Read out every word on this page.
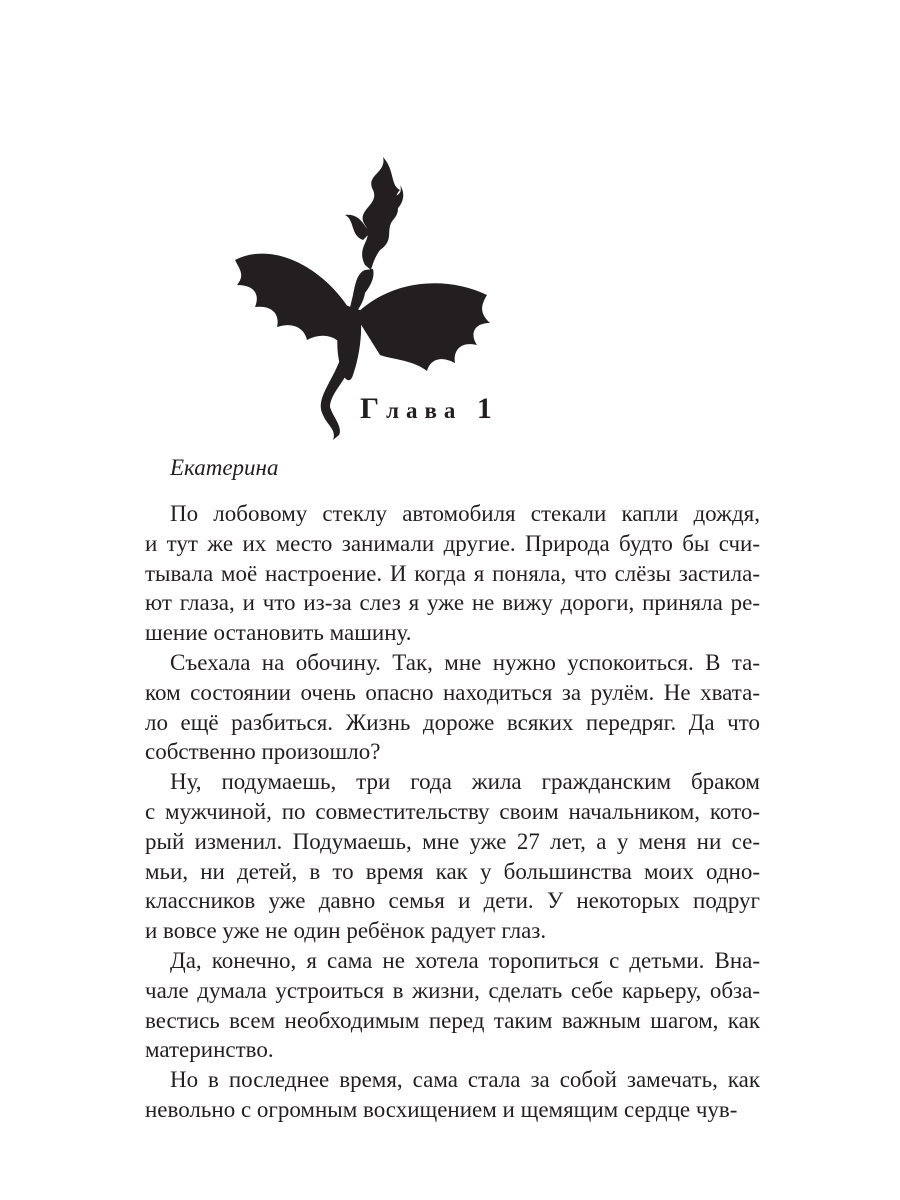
Глава 1
Екатерина
По лобовому стеклу автомобиля стекали капли дождя,
и тут же их место занимали другие. Природа будто бы счи-
тывала моё настроение. И когда я поняла, что слёзы застила-
ют глаза, и что из-за слез я уже не вижу дороги, приняла ре-
шение остановить машину.
Съехала на обочину. Так, мне нужно успокоиться. В та-
ком состоянии очень опасно находиться за рулём. Не хвата-
ло ещё разбиться. Жизнь дороже всяких передряг. Да что
собственно произошло?
Ну, подумаешь, три года жила гражданским браком
с мужчиной, по совместительству своим начальником, кото-
рый изменил. Подумаешь, мне уже 27 лет, а у меня ни се-
мьи, ни детей, в то время как у большинства моих одно-
классников уже давно семья и дети. У некоторых подруг
и вовсе уже не один ребёнок радует глаз.
Да, конечно, я сама не хотела торопиться с детьми. Вна-
чале думала устроиться в жизни, сделать себе карьеру, обза-
вестись всем необходимым перед таким важным шагом, как
материнство.
Но в последнее время, сама стала за собой замечать, как
невольно с огромным восхищением и щемящим сердце чув-
